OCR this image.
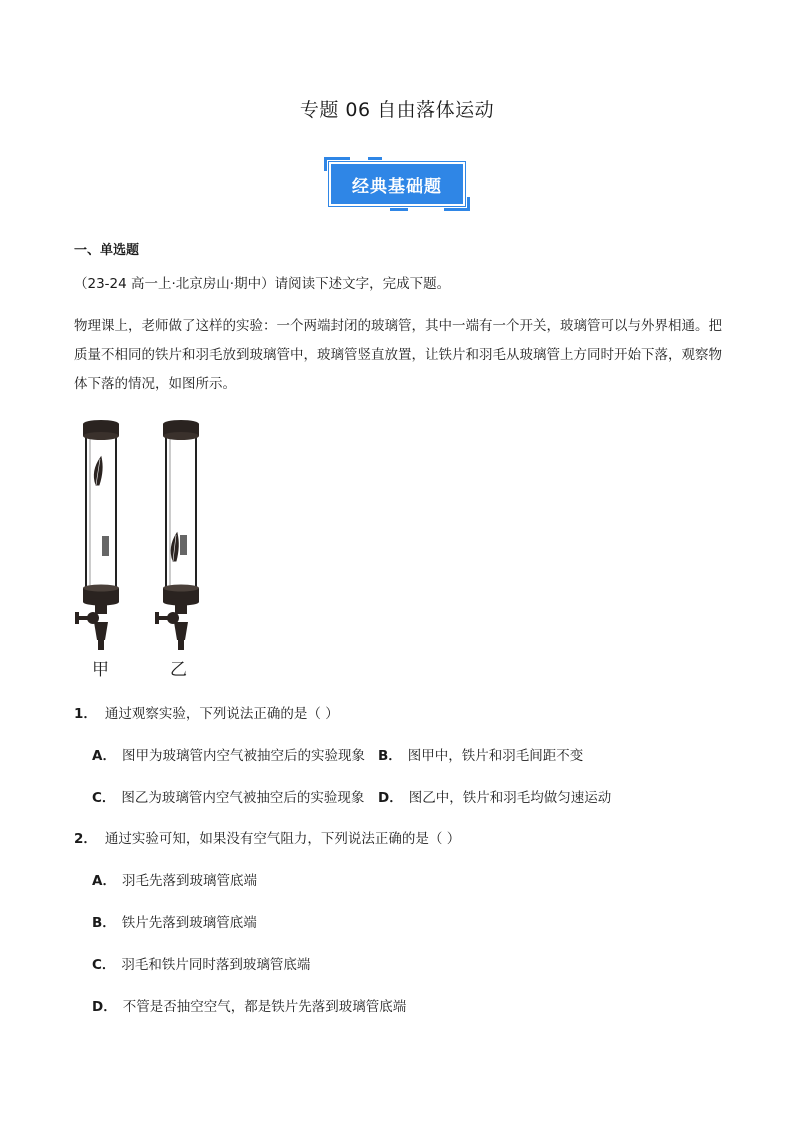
专题 06 自由落体运动
经典基础题
一、单选题
（23-24 高一上·北京房山·期中）请阅读下述文字，完成下题。
物理课上，老师做了这样的实验：一个两端封闭的玻璃管，其中一端有一个开关，玻璃管可以与外界相通。把质量不相同的铁片和羽毛放到玻璃管中，玻璃管竖直放置，让铁片和羽毛从玻璃管上方同时开始下落，观察物体下落的情况，如图所示。
甲	乙
1． 通过观察实验，下列说法正确的是（ ）
A． 图甲为玻璃管内空气被抽空后的实验现象 B． 图甲中，铁片和羽毛间距不变
C． 图乙为玻璃管内空气被抽空后的实验现象 D． 图乙中，铁片和羽毛均做匀速运动
2． 通过实验可知，如果没有空气阻力，下列说法正确的是（ ）
A． 羽毛先落到玻璃管底端
B． 铁片先落到玻璃管底端
C． 羽毛和铁片同时落到玻璃管底端
D． 不管是否抽空空气，都是铁片先落到玻璃管底端
